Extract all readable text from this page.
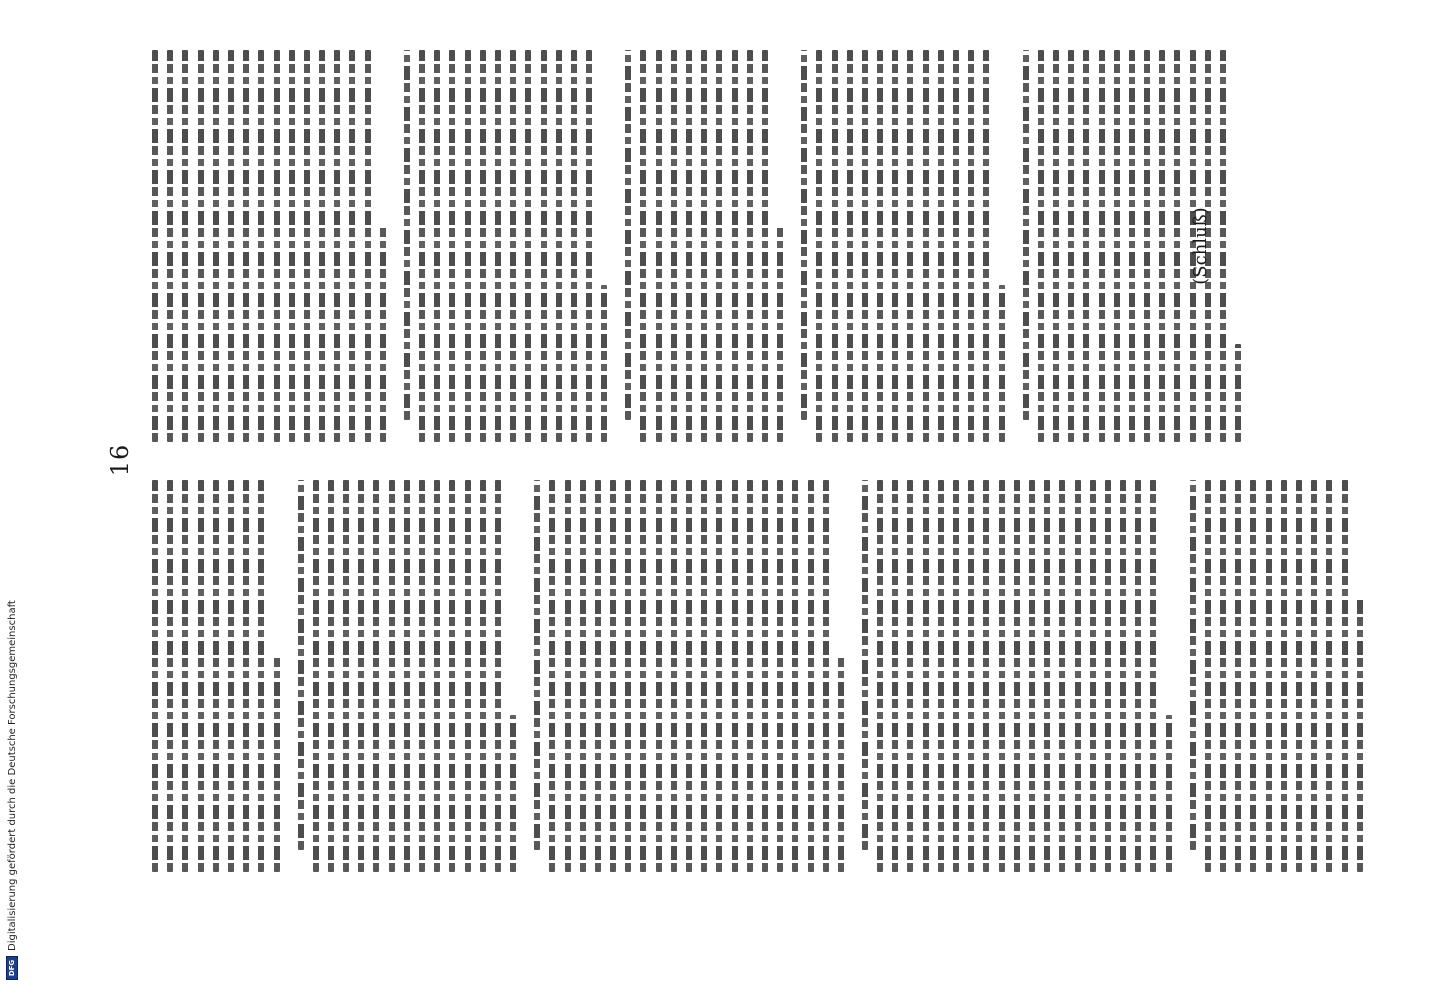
16
(Schluß)
DFG
Digitalisierung gefördert durch die Deutsche Forschungsgemeinschaft
